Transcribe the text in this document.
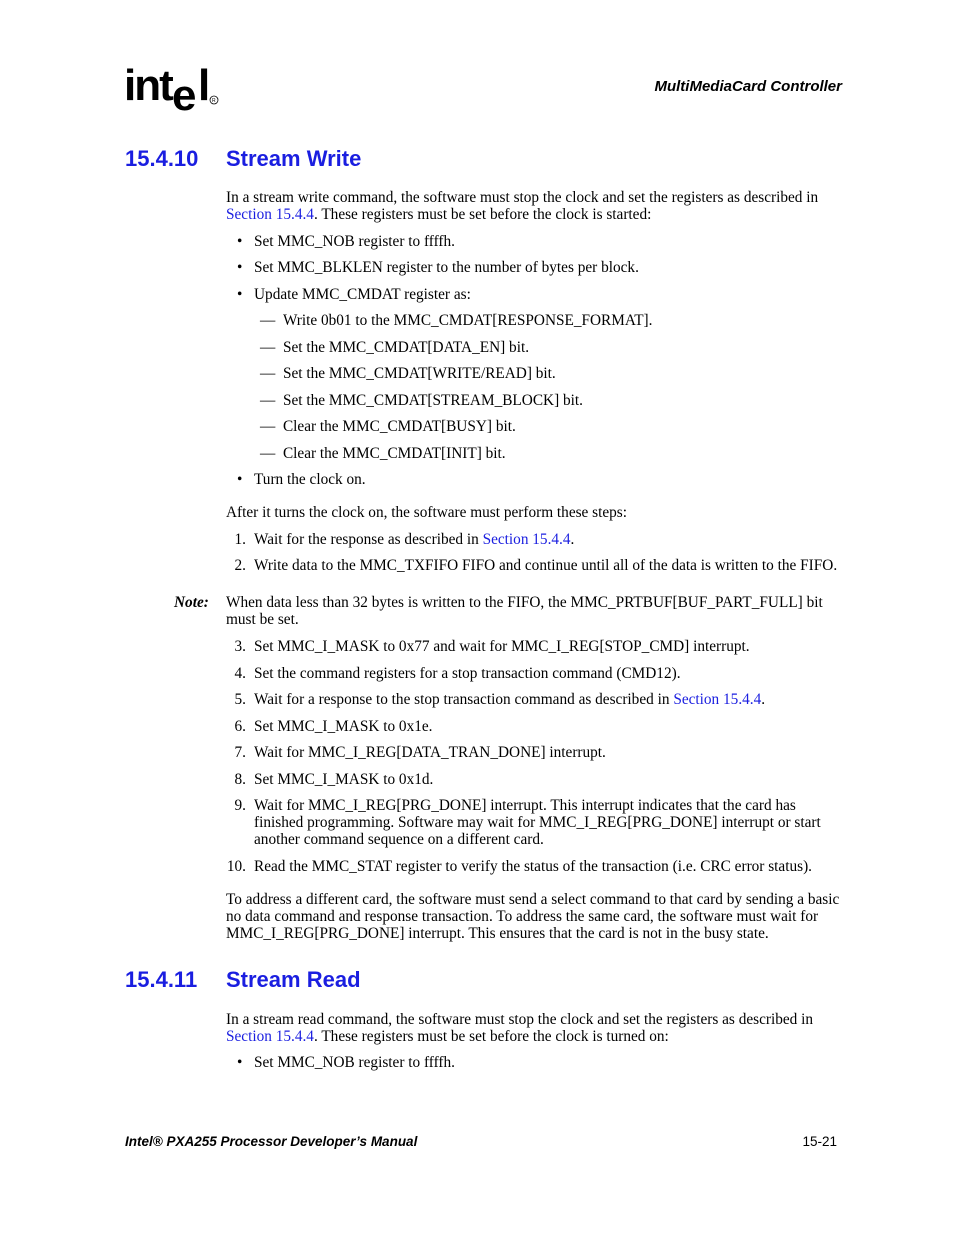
int e l R
MultiMediaCard Controller
15.4.10 Stream Write
In a stream write command, the software must stop the clock and set the registers as described in
Section 15.4.4. These registers must be set before the clock is started:
• Set MMC_NOB register to ffffh.
• Set MMC_BLKLEN register to the number of bytes per block.
• Update MMC_CMDAT register as:
—  Write 0b01 to the MMC_CMDAT[RESPONSE_FORMAT].
—  Set the MMC_CMDAT[DATA_EN] bit.
—  Set the MMC_CMDAT[WRITE/READ] bit.
—  Set the MMC_CMDAT[STREAM_BLOCK] bit.
—  Clear the MMC_CMDAT[BUSY] bit.
—  Clear the MMC_CMDAT[INIT] bit.
• Turn the clock on.
After it turns the clock on, the software must perform these steps:
1. Wait for the response as described in Section 15.4.4.
2. Write data to the MMC_TXFIFO FIFO and continue until all of the data is written to the FIFO.
Note: When data less than 32 bytes is written to the FIFO, the MMC_PRTBUF[BUF_PART_FULL] bit must be set.
3. Set MMC_I_MASK to 0x77 and wait for MMC_I_REG[STOP_CMD] interrupt.
4. Set the command registers for a stop transaction command (CMD12).
5. Wait for a response to the stop transaction command as described in Section 15.4.4.
6. Set MMC_I_MASK to 0x1e.
7. Wait for MMC_I_REG[DATA_TRAN_DONE] interrupt.
8. Set MMC_I_MASK to 0x1d.
9. Wait for MMC_I_REG[PRG_DONE] interrupt. This interrupt indicates that the card has finished programming. Software may wait for MMC_I_REG[PRG_DONE] interrupt or start another command sequence on a different card.
10. Read the MMC_STAT register to verify the status of the transaction (i.e. CRC error status).
To address a different card, the software must send a select command to that card by sending a basic no data command and response transaction. To address the same card, the software must wait for MMC_I_REG[PRG_DONE] interrupt. This ensures that the card is not in the busy state.
15.4.11 Stream Read
In a stream read command, the software must stop the clock and set the registers as described in
Section 15.4.4. These registers must be set before the clock is turned on:
• Set MMC_NOB register to ffffh.
Intel® PXA255 Processor Developer’s Manual	15-21
